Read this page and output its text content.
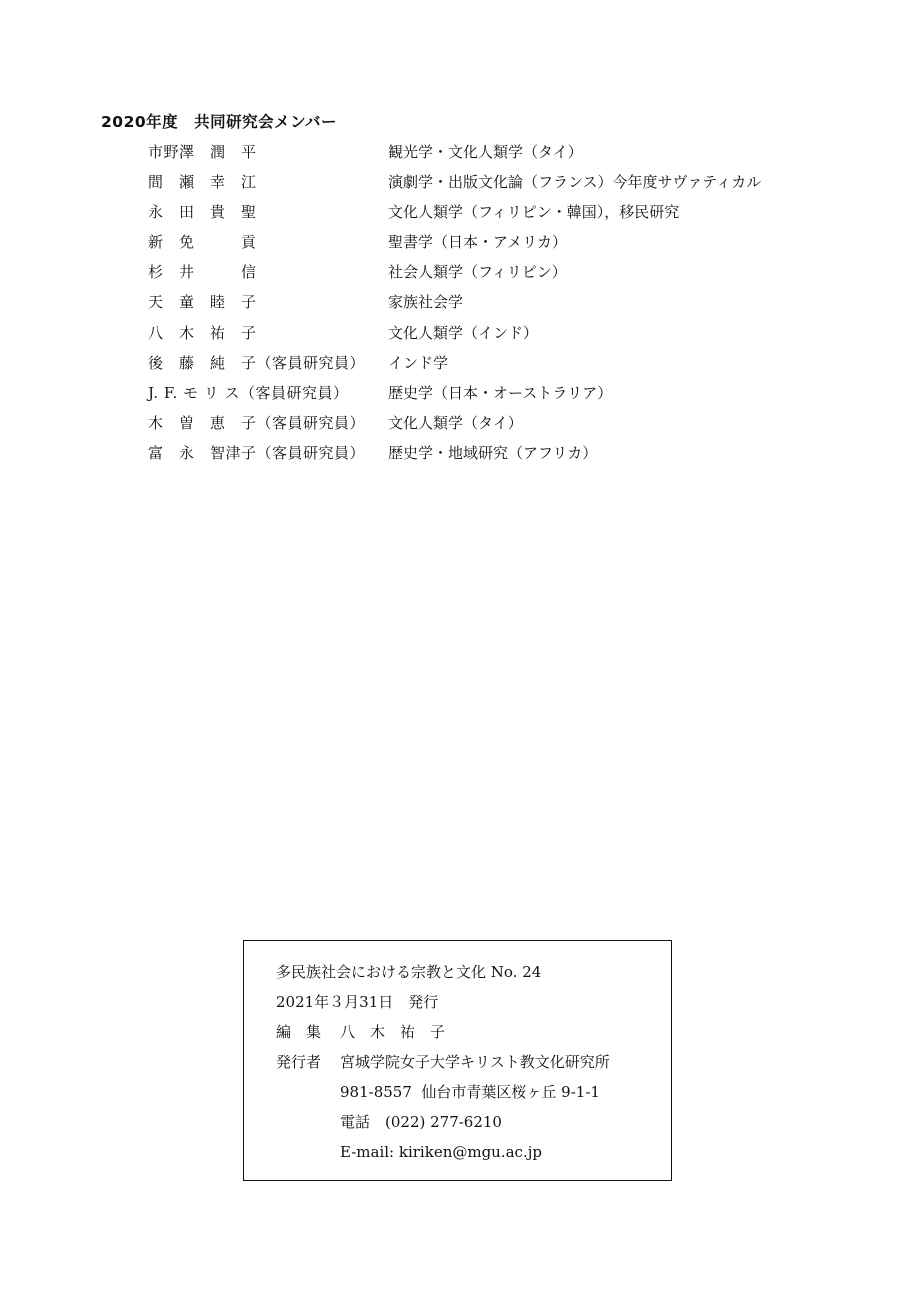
2020年度　共同研究会メンバー
市野澤　潤　平	観光学・文化人類学（タイ）
間　瀬　幸　江	演劇学・出版文化論（フランス）今年度サヴァティカル
永　田　貴　聖	文化人類学（フィリピン・韓国），移民研究
新　免　　　貢	聖書学（日本・アメリカ）
杉　井　　　信	社会人類学（フィリピン）
天　童　睦　子	家族社会学
八　木　祐　子	文化人類学（インド）
後　藤　純　子（客員研究員） インド学
J. F. モ リ ス（客員研究員）	歴史学（日本・オーストラリア）
木　曽　恵　子（客員研究員） 文化人類学（タイ）
富　永　智津子（客員研究員） 歴史学・地域研究（アフリカ）
多民族社会における宗教と文化 No. 24
2021年３月31日　発行
編　集 八　木　祐　子
発行者 宮城学院女子大学キリスト教文化研究所
981-8557  仙台市青葉区桜ヶ丘 9-1-1
電話　(022) 277-6210
E-mail: kiriken@mgu.ac.jp
